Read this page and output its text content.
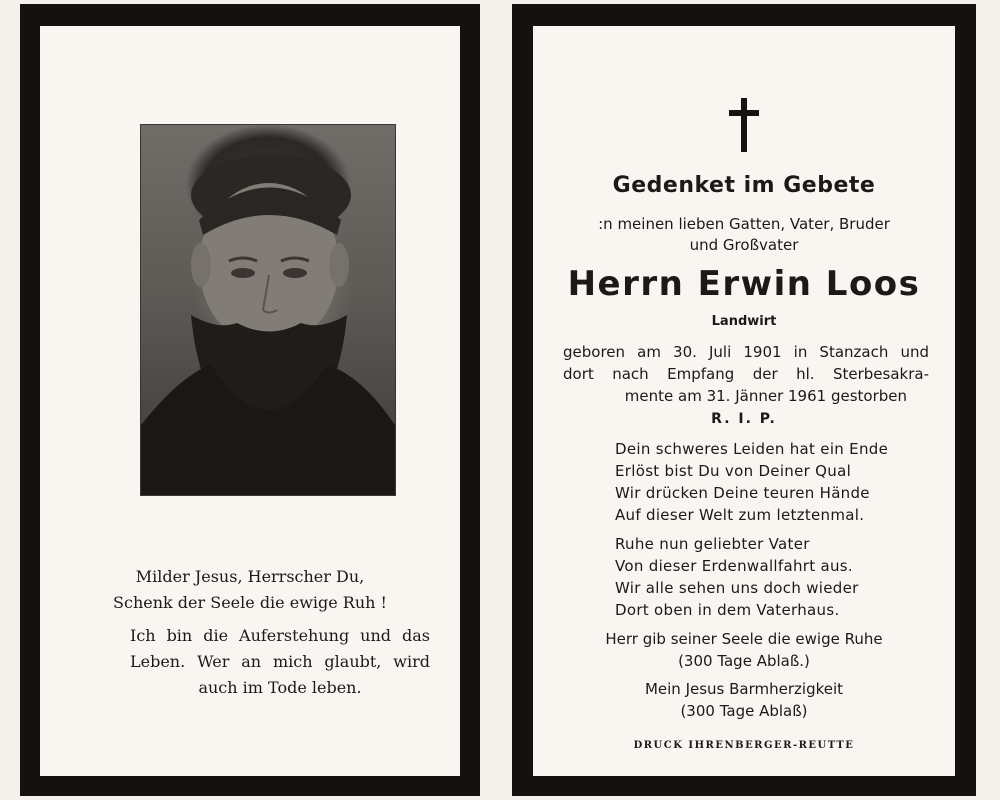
Milder Jesus, Herrscher Du,
Schenk der Seele die ewige Ruh !

Ich bin die Auferstehung und das
Leben. Wer an mich glaubt, wird
auch im Tode leben.

Gedenket im Gebete

:n meinen lieben Gatten, Vater, Bruder
und Großvater

Herrn Erwin Loos

Landwirt

geboren am 30. Juli 1901 in Stanzach und
dort nach Empfang der hl. Sterbesakra-
mente am 31. Jänner 1961 gestorben

R. I. P.

Dein schweres Leiden hat ein Ende
Erlöst bist Du von Deiner Qual
Wir drücken Deine teuren Hände
Auf dieser Welt zum letztenmal.

Ruhe nun geliebter Vater
Von dieser Erdenwallfahrt aus.
Wir alle sehen uns doch wieder
Dort oben in dem Vaterhaus.

Herr gib seiner Seele die ewige Ruhe
(300 Tage Ablaß.)

Mein Jesus Barmherzigkeit
(300 Tage Ablaß)

DRUCK IHRENBERGER-REUTTE
